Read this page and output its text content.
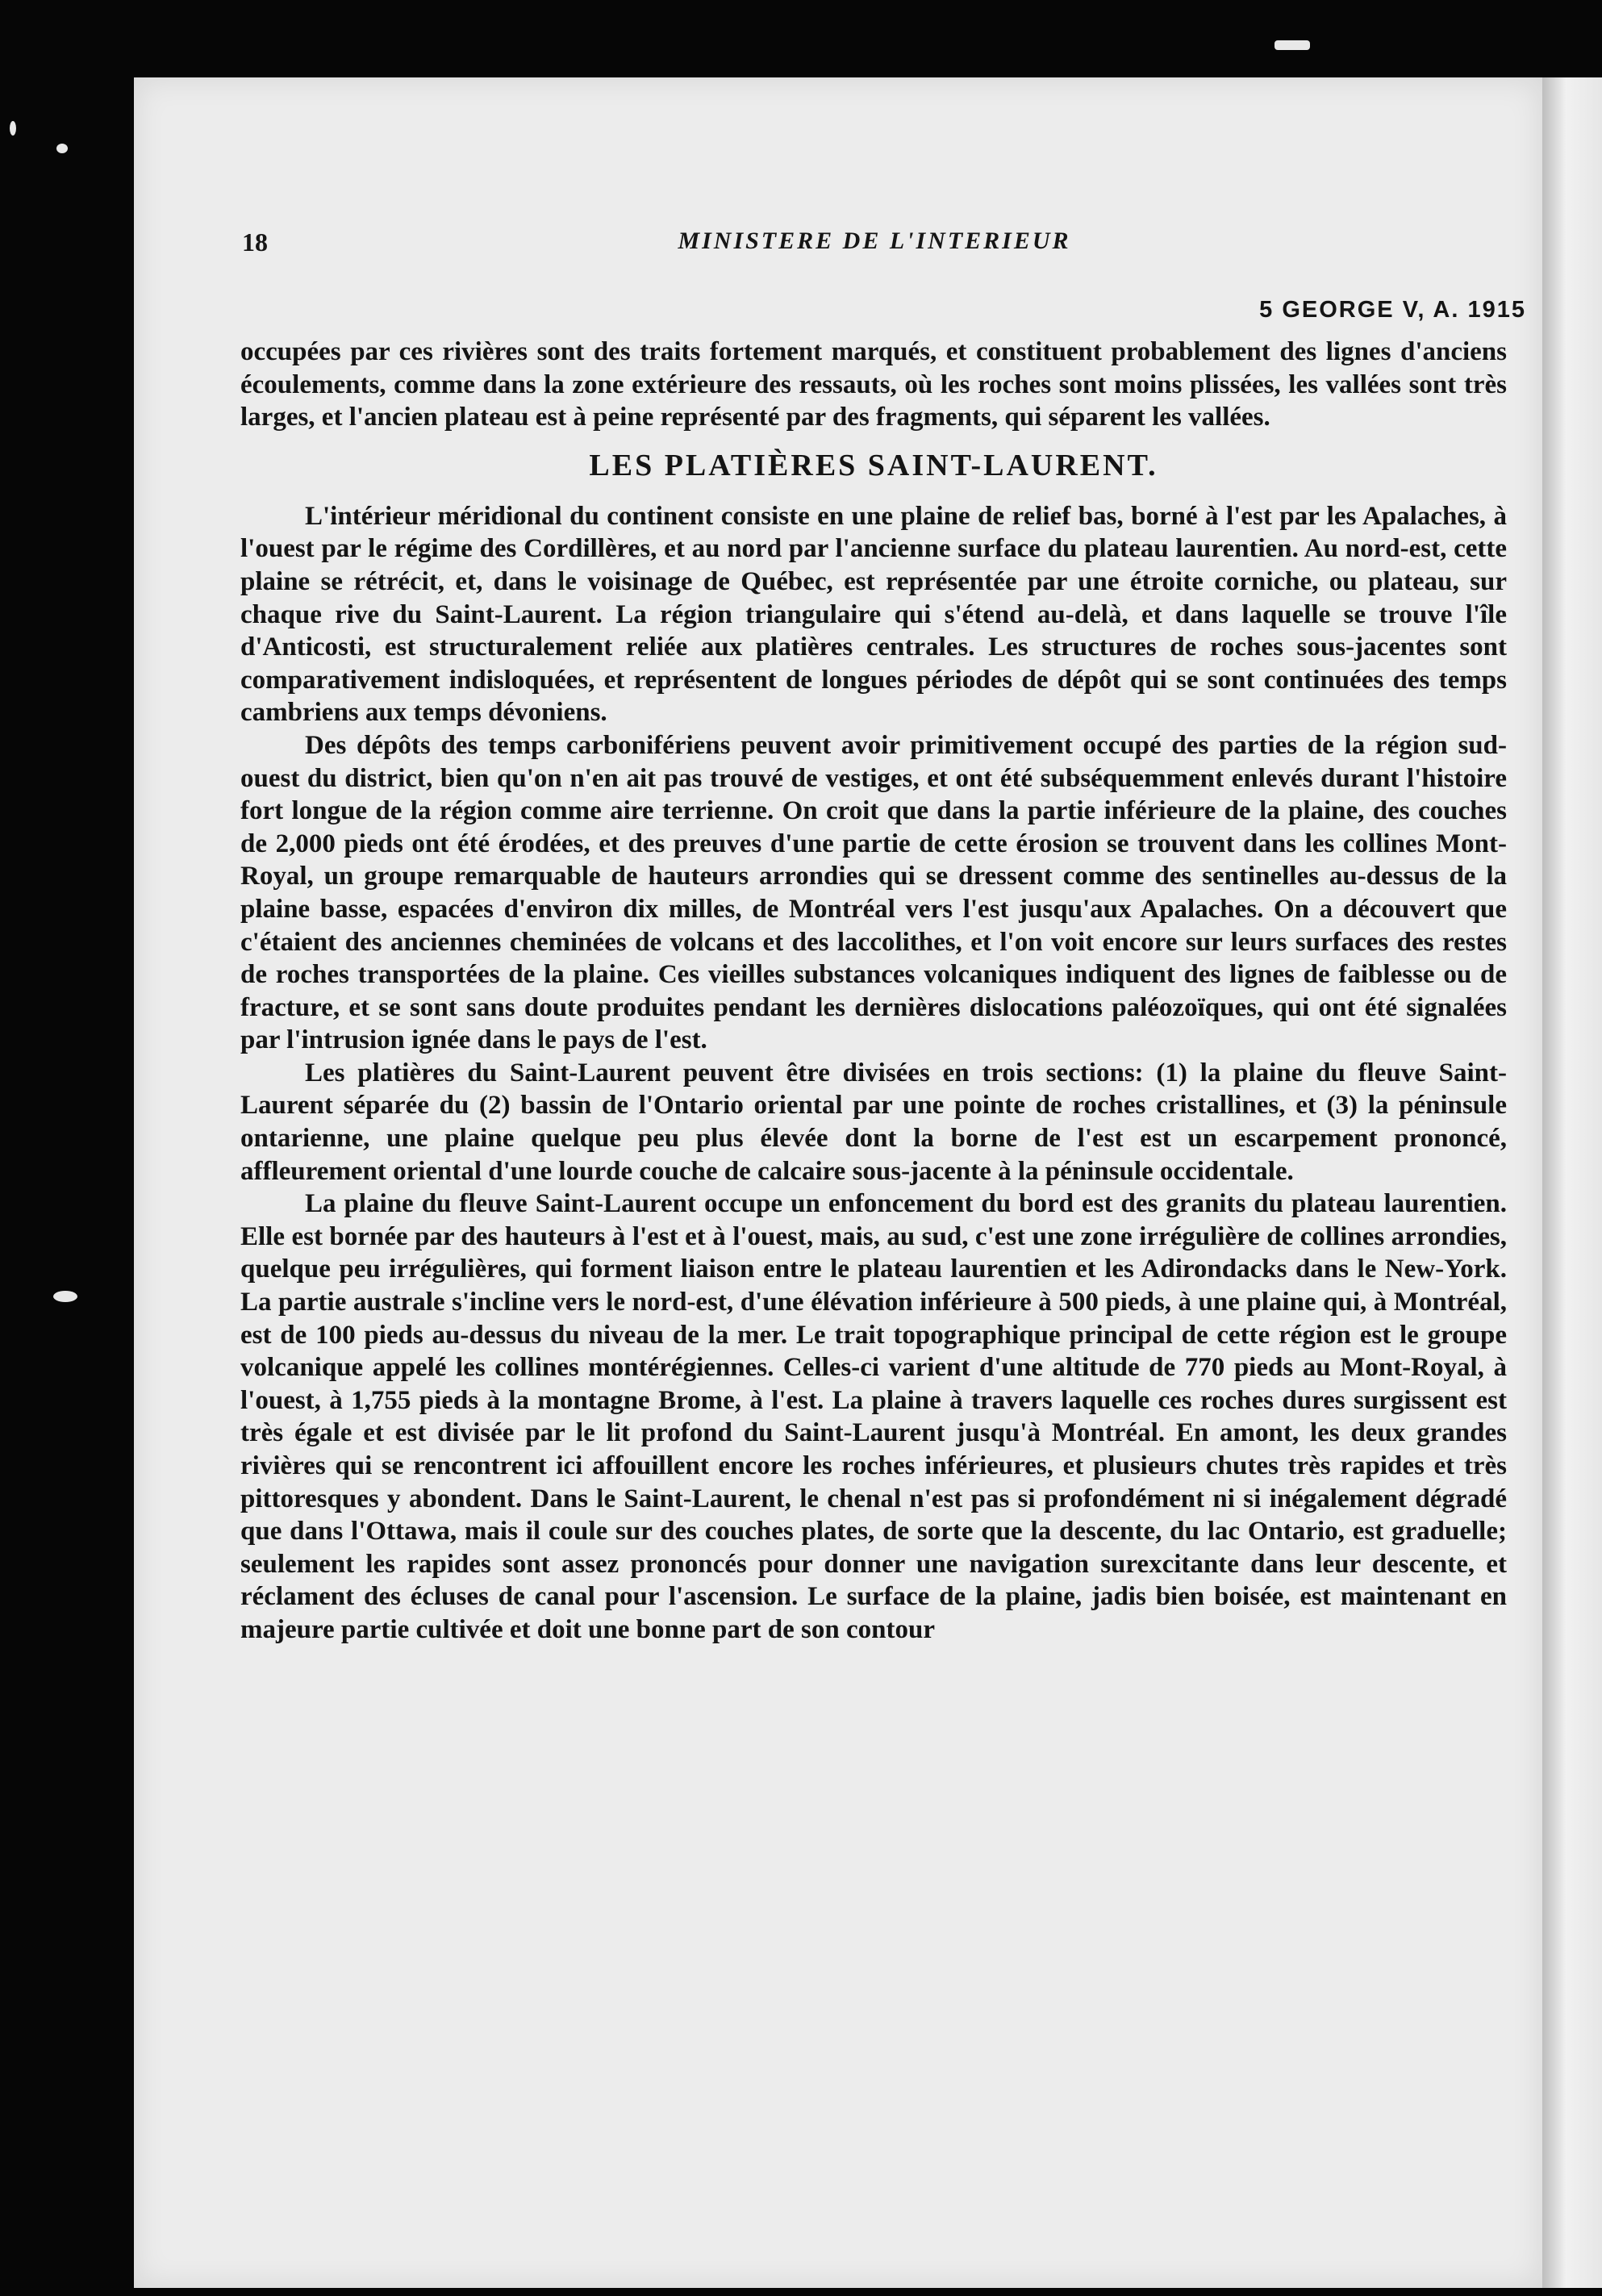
18	MINISTERE DE L'INTERIEUR
5 GEORGE V, A. 1915

occupées par ces rivières sont des traits fortement marqués, et constituent probablement des lignes d'anciens écoulements, comme dans la zone extérieure des ressauts, où les roches sont moins plissées, les vallées sont très larges, et l'ancien plateau est à peine représenté par des fragments, qui séparent les vallées.

LES PLATIÈRES SAINT-LAURENT.

L'intérieur méridional du continent consiste en une plaine de relief bas, borné à l'est par les Apalaches, à l'ouest par le régime des Cordillères, et au nord par l'ancienne surface du plateau laurentien. Au nord-est, cette plaine se rétrécit, et, dans le voisinage de Québec, est représentée par une étroite corniche, ou plateau, sur chaque rive du Saint-Laurent. La région triangulaire qui s'étend au-delà, et dans laquelle se trouve l'île d'Anticosti, est structuralement reliée aux platières centrales. Les structures de roches sous-jacentes sont comparativement indisloquées, et représentent de longues périodes de dépôt qui se sont continuées des temps cambriens aux temps dévoniens.

Des dépôts des temps carbonifériens peuvent avoir primitivement occupé des parties de la région sud-ouest du district, bien qu'on n'en ait pas trouvé de vestiges, et ont été subséquemment enlevés durant l'histoire fort longue de la région comme aire terrienne. On croit que dans la partie inférieure de la plaine, des couches de 2,000 pieds ont été érodées, et des preuves d'une partie de cette érosion se trouvent dans les collines Mont-Royal, un groupe remarquable de hauteurs arrondies qui se dressent comme des sentinelles au-dessus de la plaine basse, espacées d'environ dix milles, de Montréal vers l'est jusqu'aux Apalaches. On a découvert que c'étaient des anciennes cheminées de volcans et des laccolithes, et l'on voit encore sur leurs surfaces des restes de roches transportées de la plaine. Ces vieilles substances volcaniques indiquent des lignes de faiblesse ou de fracture, et se sont sans doute produites pendant les dernières dislocations paléozoïques, qui ont été signalées par l'intrusion ignée dans le pays de l'est.

Les platières du Saint-Laurent peuvent être divisées en trois sections: (1) la plaine du fleuve Saint-Laurent séparée du (2) bassin de l'Ontario oriental par une pointe de roches cristallines, et (3) la péninsule ontarienne, une plaine quelque peu plus élevée dont la borne de l'est est un escarpement prononcé, affleurement oriental d'une lourde couche de calcaire sous-jacente à la péninsule occidentale.

La plaine du fleuve Saint-Laurent occupe un enfoncement du bord est des granits du plateau laurentien. Elle est bornée par des hauteurs à l'est et à l'ouest, mais, au sud, c'est une zone irrégulière de collines arrondies, quelque peu irrégulières, qui forment liaison entre le plateau laurentien et les Adirondacks dans le New-York. La partie australe s'incline vers le nord-est, d'une élévation inférieure à 500 pieds, à une plaine qui, à Montréal, est de 100 pieds au-dessus du niveau de la mer. Le trait topographique principal de cette région est le groupe volcanique appelé les collines montérégiennes. Celles-ci varient d'une altitude de 770 pieds au Mont-Royal, à l'ouest, à 1,755 pieds à la montagne Brome, à l'est. La plaine à travers laquelle ces roches dures surgissent est très égale et est divisée par le lit profond du Saint-Laurent jusqu'à Montréal. En amont, les deux grandes rivières qui se rencontrent ici affouillent encore les roches inférieures, et plusieurs chutes très rapides et très pittoresques y abondent. Dans le Saint-Laurent, le chenal n'est pas si profondément ni si inégalement dégradé que dans l'Ottawa, mais il coule sur des couches plates, de sorte que la descente, du lac Ontario, est graduelle; seulement les rapides sont assez prononcés pour donner une navigation surexcitante dans leur descente, et réclament des écluses de canal pour l'ascension. Le surface de la plaine, jadis bien boisée, est maintenant en majeure partie cultivée et doit une bonne part de son contour
